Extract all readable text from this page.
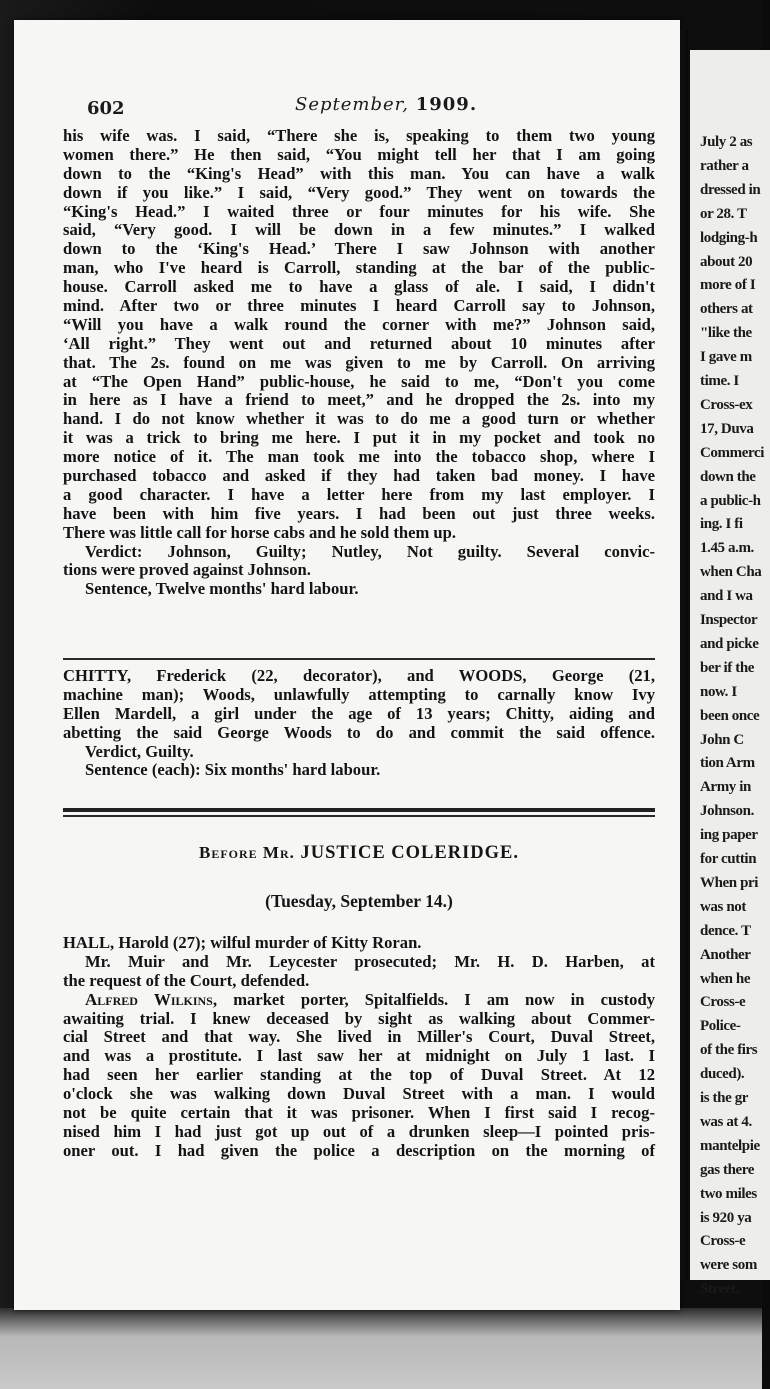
July 2 as
rather a
dressed in
or 28. T
lodging-h
about 20
more of I
others at
"like the
I gave m
time. I
Cross-ex
17, Duva
Commerci
down the
a public-h
ing. I fi
1.45 a.m.
when Cha
and I wa
Inspector
and picke
ber if the
now. I
been once
John C
tion Arm
Army in
Johnson.
ing paper
for cuttin
When pri
was not
dence. T
Another
when he
Cross-e
Police-
of the firs
duced).
is the gr
was at 4.
mantelpie
gas there
two miles
is 920 ya
Cross-e
were som
Street.
602	September, 1909.
his wife was. I said, “There she is, speaking to them two young
women there.” He then said, “You might tell her that I am going
down to the “King's Head” with this man. You can have a walk
down if you like.” I said, “Very good.” They went on towards the
“King's Head.” I waited three or four minutes for his wife. She
said, “Very good. I will be down in a few minutes.” I walked
down to the ‘King's Head.’ There I saw Johnson with another
man, who I've heard is Carroll, standing at the bar of the public-
house. Carroll asked me to have a glass of ale. I said, I didn't
mind. After two or three minutes I heard Carroll say to Johnson,
“Will you have a walk round the corner with me?” Johnson said,
‘All right.” They went out and returned about 10 minutes after
that. The 2s. found on me was given to me by Carroll. On arriving
at “The Open Hand” public-house, he said to me, “Don't you come
in here as I have a friend to meet,” and he dropped the 2s. into my
hand. I do not know whether it was to do me a good turn or whether
it was a trick to bring me here. I put it in my pocket and took no
more notice of it. The man took me into the tobacco shop, where I
purchased tobacco and asked if they had taken bad money. I have
a good character. I have a letter here from my last employer. I
have been with him five years. I had been out just three weeks.
There was little call for horse cabs and he sold them up.
Verdict: Johnson, Guilty; Nutley, Not guilty. Several convic-
tions were proved against Johnson.
Sentence, Twelve months' hard labour.
CHITTY, Frederick (22, decorator), and WOODS, George (21,
machine man); Woods, unlawfully attempting to carnally know Ivy
Ellen Mardell, a girl under the age of 13 years; Chitty, aiding and
abetting the said George Woods to do and commit the said offence.
Verdict, Guilty.
Sentence (each): Six months' hard labour.
Before Mr. JUSTICE COLERIDGE.
(Tuesday, September 14.)
HALL, Harold (27); wilful murder of Kitty Roran.
Mr. Muir and Mr. Leycester prosecuted; Mr. H. D. Harben, at
the request of the Court, defended.
Alfred Wilkins, market porter, Spitalfields. I am now in custody
awaiting trial. I knew deceased by sight as walking about Commer-
cial Street and that way. She lived in Miller's Court, Duval Street,
and was a prostitute. I last saw her at midnight on July 1 last. I
had seen her earlier standing at the top of Duval Street. At 12
o'clock she was walking down Duval Street with a man. I would
not be quite certain that it was prisoner. When I first said I recog-
nised him I had just got up out of a drunken sleep—I pointed pris-
oner out. I had given the police a description on the morning of
